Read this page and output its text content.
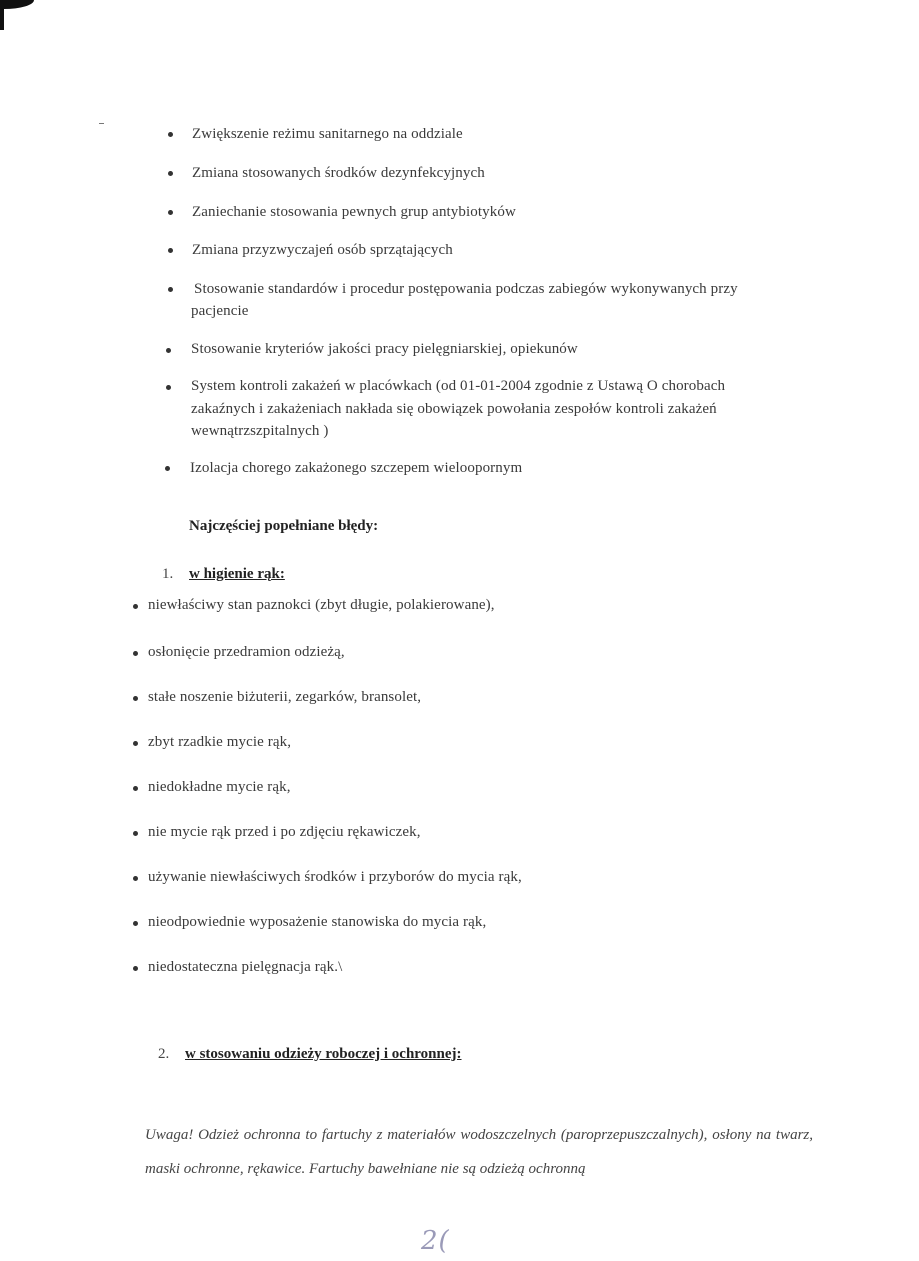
Zwiększenie reżimu sanitarnego na oddziale
Zmiana stosowanych środków dezynfekcyjnych
Zaniechanie stosowania pewnych grup antybiotyków
Zmiana przyzwyczajeń osób sprzątających
Stosowanie standardów i procedur postępowania podczas zabiegów wykonywanych przy
pacjencie
Stosowanie kryteriów jakości pracy pielęgniarskiej, opiekunów
System kontroli zakażeń w placówkach (od 01-01-2004 zgodnie z Ustawą O chorobach
zakaźnych i zakażeniach nakłada się obowiązek powołania zespołów kontroli zakażeń
wewnątrzszpitalnych )
Izolacja chorego zakażonego szczepem wieloopornym
Najczęściej popełniane błędy:
1. w higienie rąk:
niewłaściwy stan paznokci (zbyt długie, polakierowane),
osłonięcie przedramion odzieżą,
stałe noszenie biżuterii, zegarków, bransolet,
zbyt rzadkie mycie rąk,
niedokładne mycie rąk,
nie mycie rąk przed i po zdjęciu rękawiczek,
używanie niewłaściwych środków i przyborów do mycia rąk,
nieodpowiednie wyposażenie stanowiska do mycia rąk,
niedostateczna pielęgnacja rąk.\
2. w stosowaniu odzieży roboczej i ochronnej:
Uwaga! Odzież ochronna to fartuchy z materiałów wodoszczelnych (paroprzepuszczalnych), osłony na twarz, maski ochronne, rękawice. Fartuchy bawełniane nie są odzieżą ochronną
2(
